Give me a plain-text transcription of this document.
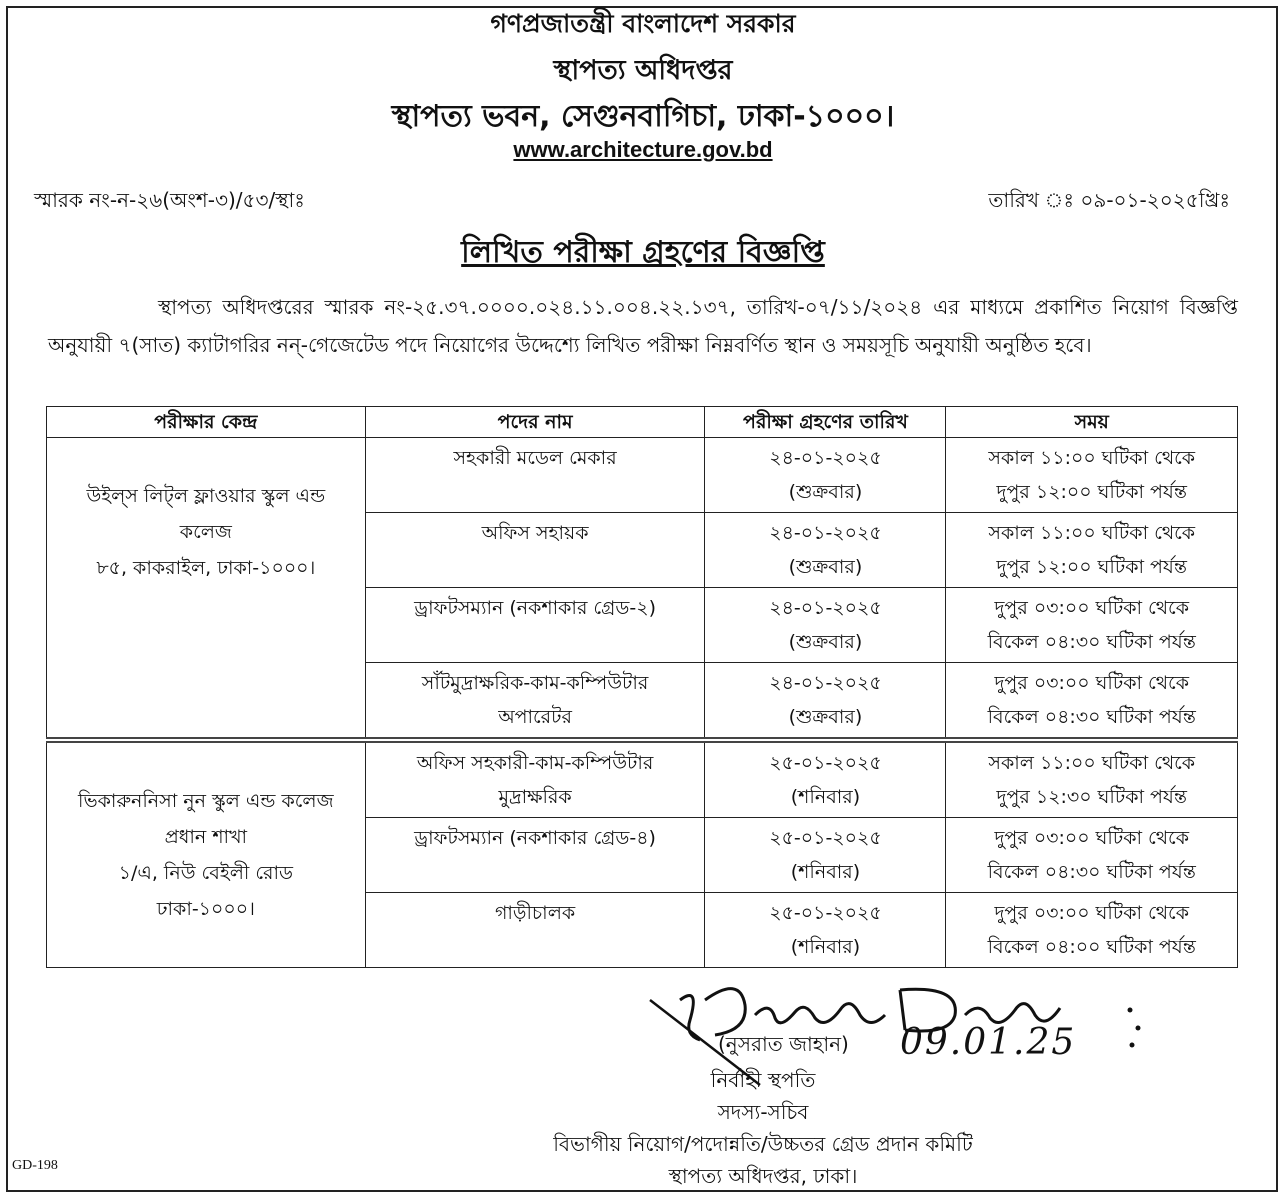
গণপ্রজাতন্ত্রী বাংলাদেশ সরকার
স্থাপত্য অধিদপ্তর
স্থাপত্য ভবন, সেগুনবাগিচা, ঢাকা-১০০০।
www.architecture.gov.bd
স্মারক নং-ন-২৬(অংশ-৩)/৫৩/স্থাঃ	তারিখ ঃ ০৯-০১-২০২৫খ্রিঃ
লিখিত পরীক্ষা গ্রহণের বিজ্ঞপ্তি
স্থাপত্য অধিদপ্তরের স্মারক নং-২৫.৩৭.০০০০.০২৪.১১.০০৪.২২.১৩৭, তারিখ-০৭/১১/২০২৪ এর মাধ্যমে প্রকাশিত নিয়োগ বিজ্ঞপ্তি অনুযায়ী ৭(সাত) ক্যাটাগরির নন্-গেজেটেড পদে নিয়োগের উদ্দেশ্যে লিখিত পরীক্ষা নিম্নবর্ণিত স্থান ও সময়সূচি অনুযায়ী অনুষ্ঠিত হবে।
পরীক্ষার কেন্দ্র	পদের নাম	পরীক্ষা গ্রহণের তারিখ	সময়

উইল্‌স লিট্‌ল ফ্লাওয়ার স্কুল এন্ড
কলেজ
৮৫, কাকরাইল, ঢাকা-১০০০।	সহকারী মডেল মেকার	২৪-০১-২০২৫
(শুক্রবার)	সকাল ১১:০০ ঘটিকা থেকে
দুপুর ১২:০০ ঘটিকা পর্যন্ত

	অফিস সহায়ক	২৪-০১-২০২৫
(শুক্রবার)	সকাল ১১:০০ ঘটিকা থেকে
দুপুর ১২:০০ ঘটিকা পর্যন্ত

	ড্রাফটসম্যান (নকশাকার গ্রেড-২)	২৪-০১-২০২৫
(শুক্রবার)	দুপুর ০৩:০০ ঘটিকা থেকে
বিকেল ০৪:৩০ ঘটিকা পর্যন্ত

	সাঁটমুদ্রাক্ষরিক-কাম-কম্পিউটার
অপারেটর	২৪-০১-২০২৫
(শুক্রবার)	দুপুর ০৩:০০ ঘটিকা থেকে
বিকেল ০৪:৩০ ঘটিকা পর্যন্ত

ভিকারুননিসা নুন স্কুল এন্ড কলেজ
প্রধান শাখা
১/এ, নিউ বেইলী রোড
ঢাকা-১০০০।	অফিস সহকারী-কাম-কম্পিউটার
মুদ্রাক্ষরিক	২৫-০১-২০২৫
(শনিবার)	সকাল ১১:০০ ঘটিকা থেকে
দুপুর ১২:৩০ ঘটিকা পর্যন্ত

	ড্রাফটসম্যান (নকশাকার গ্রেড-৪)	২৫-০১-২০২৫
(শনিবার)	দুপুর ০৩:০০ ঘটিকা থেকে
বিকেল ০৪:৩০ ঘটিকা পর্যন্ত

	গাড়ীচালক	২৫-০১-২০২৫
(শনিবার)	দুপুর ০৩:০০ ঘটিকা থেকে
বিকেল ০৪:০০ ঘটিকা পর্যন্ত
(নুসরাত জাহান) 09.01.25
নির্বাহী স্থপতি
সদস্য-সচিব
বিভাগীয় নিয়োগ/পদোন্নতি/উচ্চতর গ্রেড প্রদান কমিটি
স্থাপত্য অধিদপ্তর, ঢাকা।
GD-198
